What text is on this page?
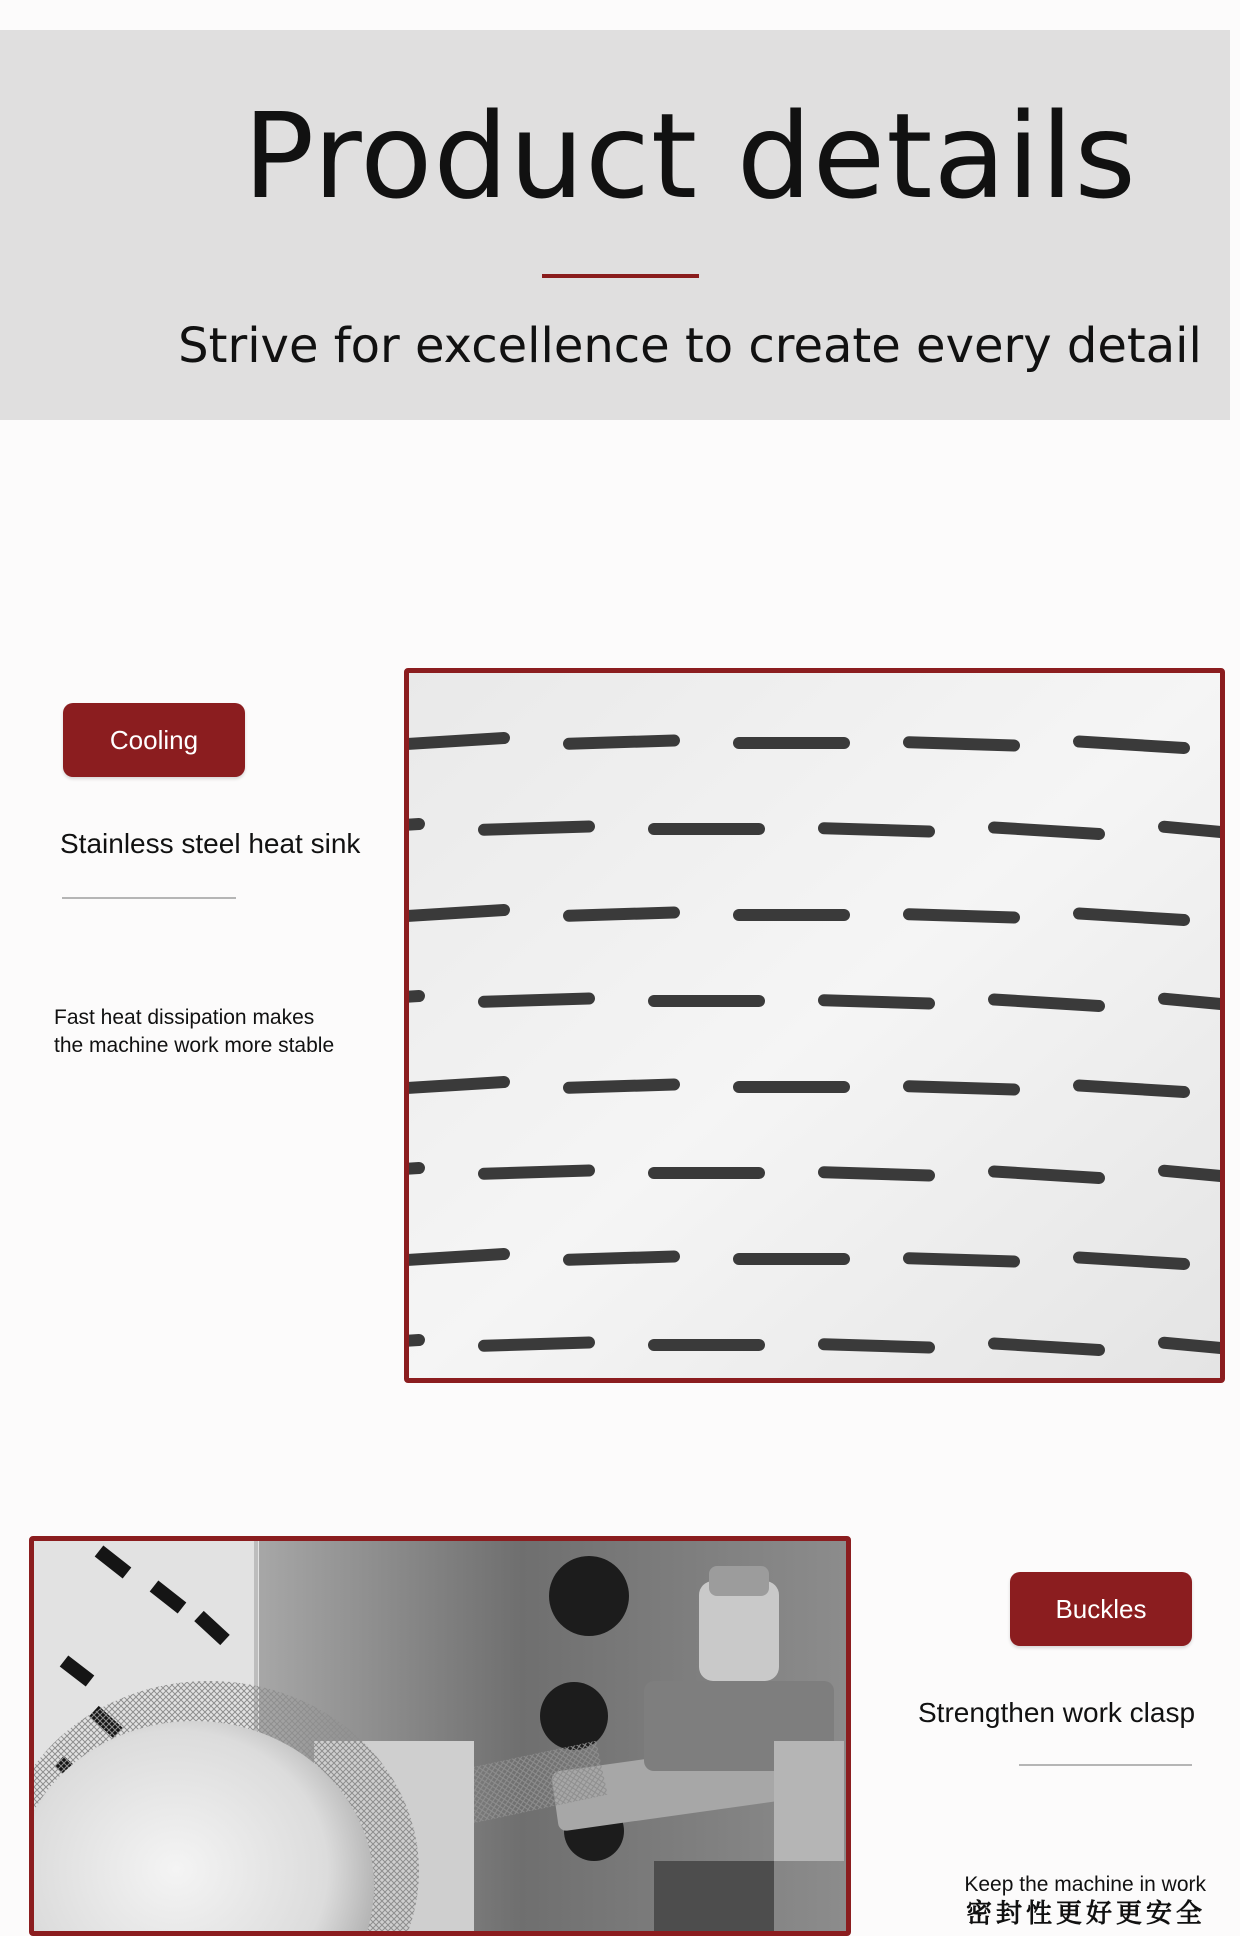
Product details
Strive for excellence to create every detail
Cooling
Stainless steel heat sink
Fast heat dissipation makes
the machine work more stable
Buckles
Strengthen work clasp
Keep the machine in work
密封性更好更安全
